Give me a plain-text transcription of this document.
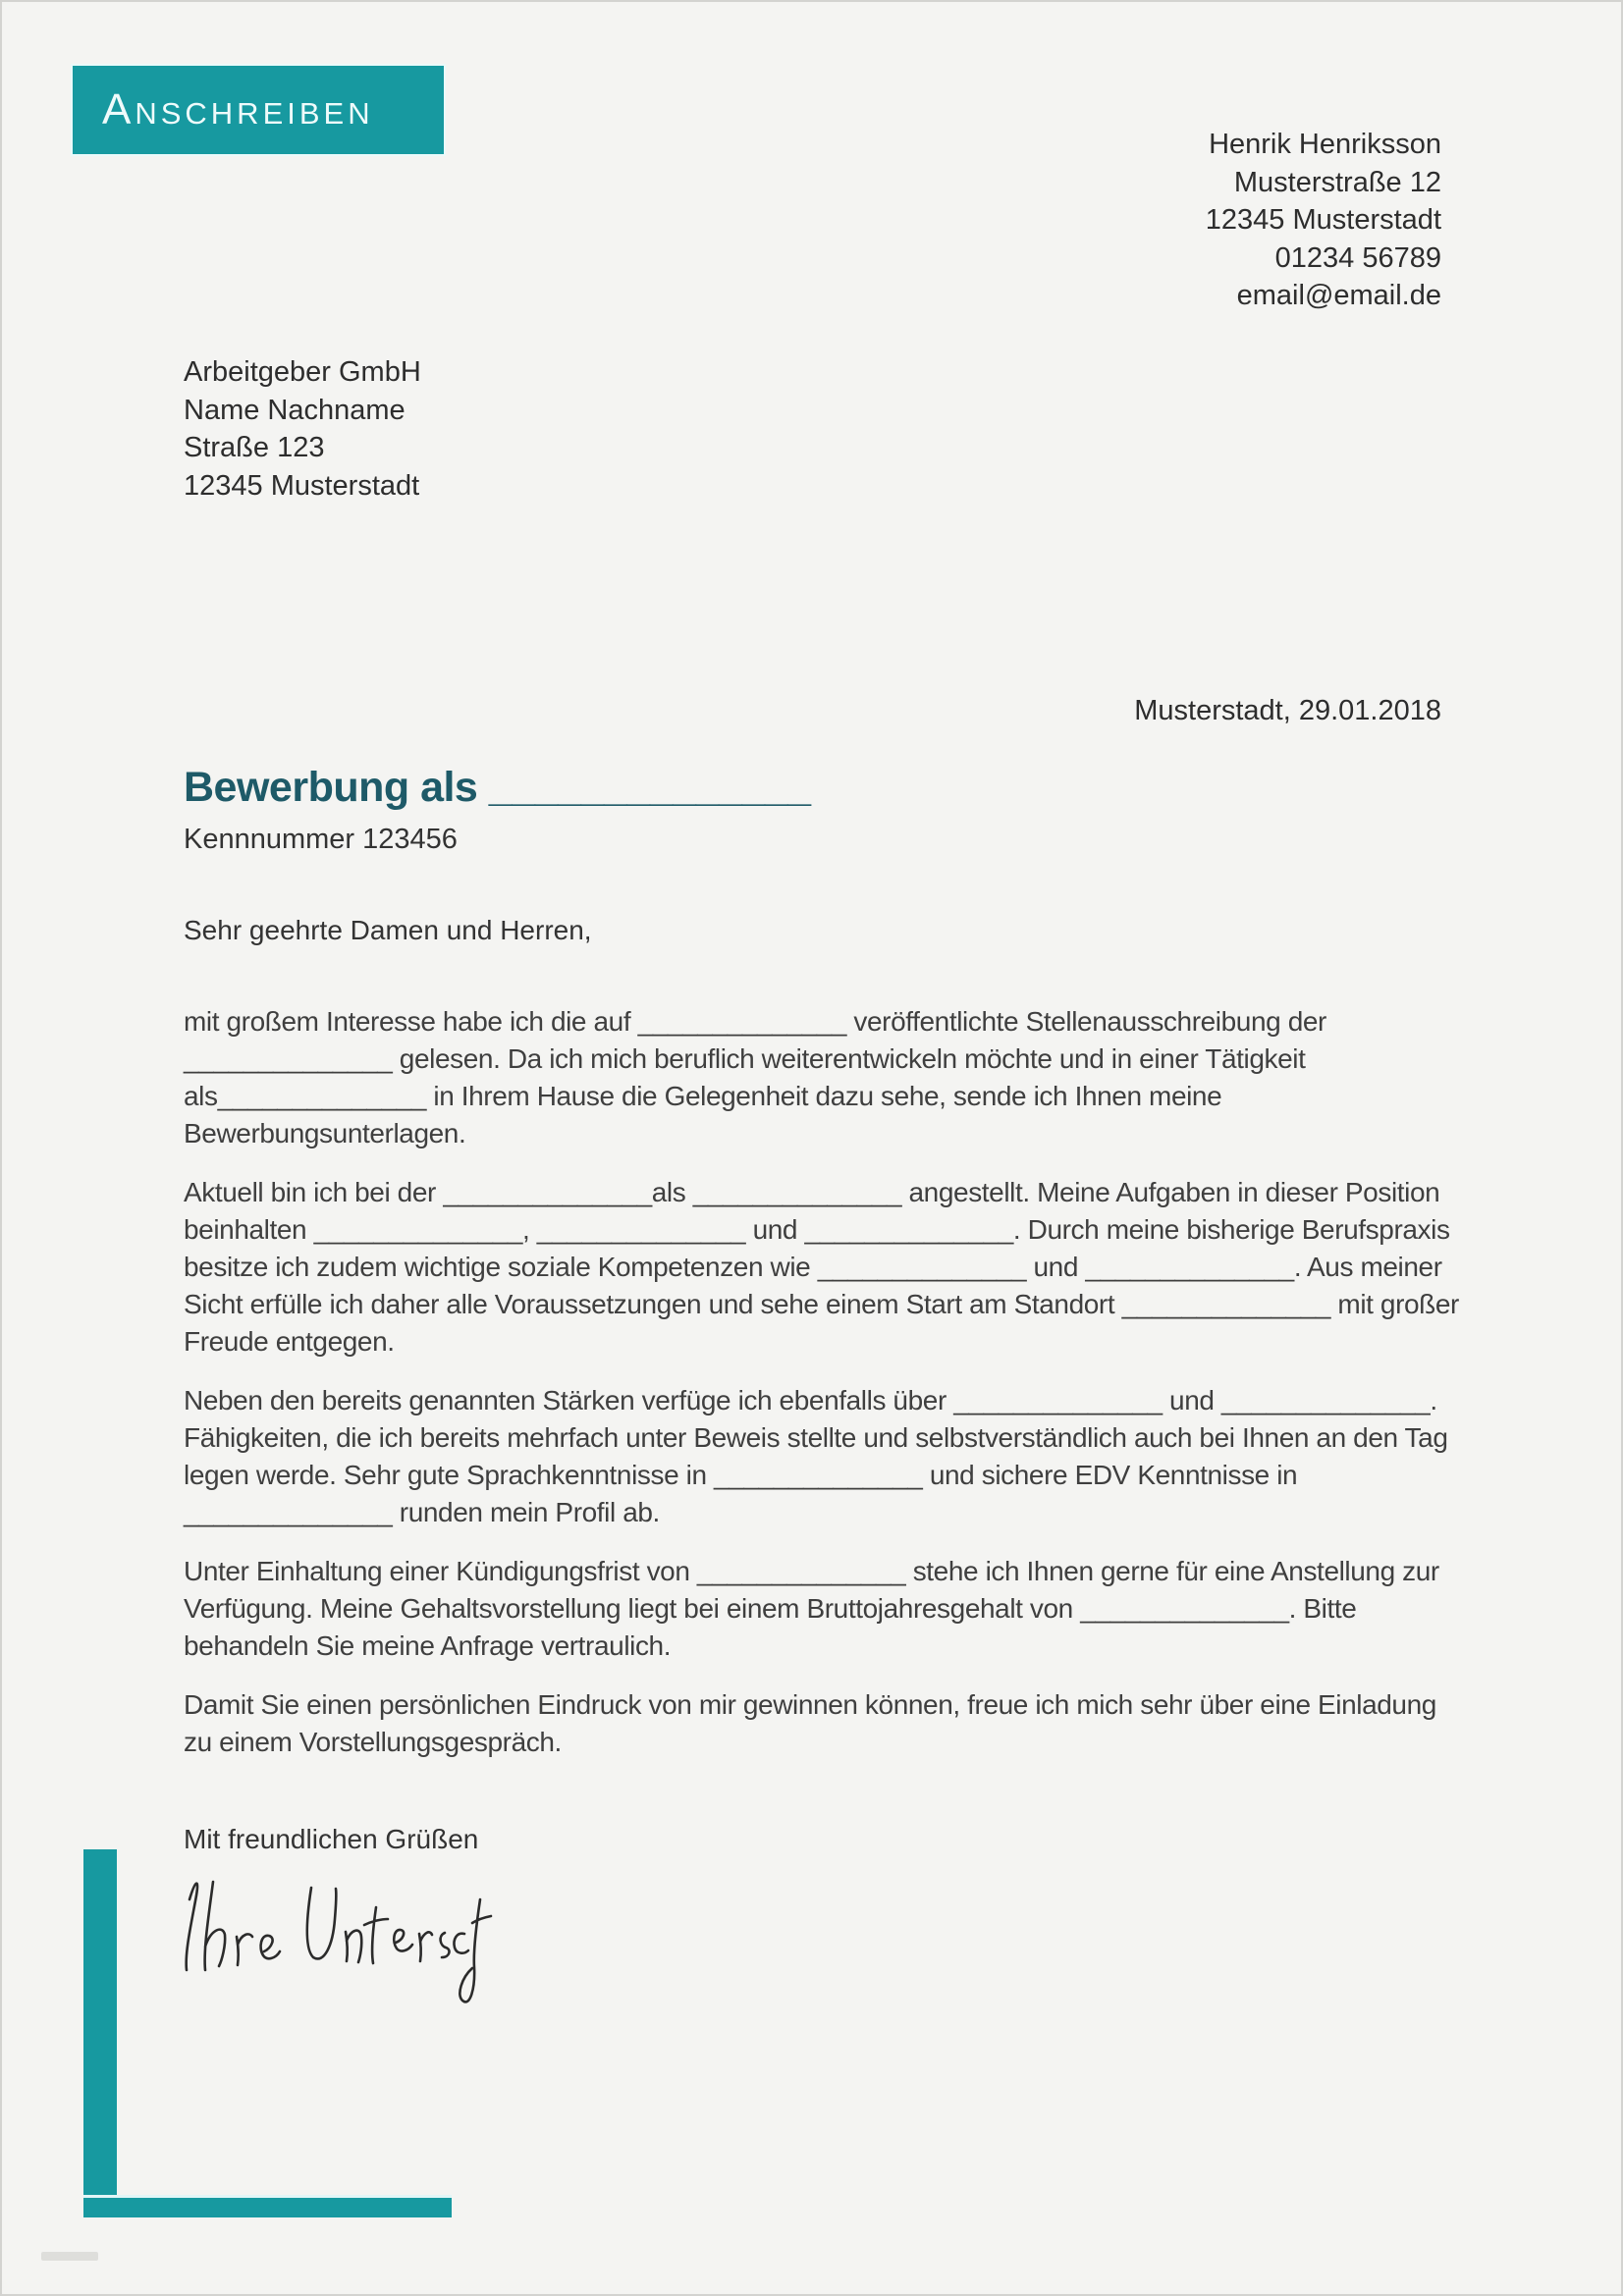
Anschreiben
Henrik Henriksson
Musterstraße 12
12345 Musterstadt
01234 56789
email@email.de
Arbeitgeber GmbH
Name Nachname
Straße 123
12345 Musterstadt
Musterstadt, 29.01.2018
Bewerbung als ______________
Kennnummer 123456
Sehr geehrte Damen und Herren,

mit großem Interesse habe ich die auf ______________ veröffentlichte Stellenausschreibung der ______________ gelesen. Da ich mich beruflich weiterentwickeln möchte und in einer Tätigkeit als______________ in Ihrem Hause die Gelegenheit dazu sehe, sende ich Ihnen meine Bewerbungsunterlagen.

Aktuell bin ich bei der ______________als ______________ angestellt. Meine Aufgaben in dieser Position beinhalten ______________, ______________ und ______________. Durch meine bisherige Berufspraxis besitze ich zudem wichtige soziale Kompetenzen wie ______________ und ______________. Aus meiner Sicht erfülle ich daher alle Voraussetzungen und sehe einem Start am Standort ______________ mit großer Freude entgegen.

Neben den bereits genannten Stärken verfüge ich ebenfalls über ______________ und ______________. Fähigkeiten, die ich bereits mehrfach unter Beweis stellte und selbstverständlich auch bei Ihnen an den Tag legen werde. Sehr gute Sprachkenntnisse in ______________ und sichere EDV Kenntnisse in ______________ runden mein Profil ab.

Unter Einhaltung einer Kündigungsfrist von ______________ stehe ich Ihnen gerne für eine Anstellung zur Verfügung. Meine Gehaltsvorstellung liegt bei einem Bruttojahresgehalt von ______________. Bitte behandeln Sie meine Anfrage vertraulich.

Damit Sie einen persönlichen Eindruck von mir gewinnen können, freue ich mich sehr über eine Einladung zu einem Vorstellungsgespräch.

Mit freundlichen Grüßen
